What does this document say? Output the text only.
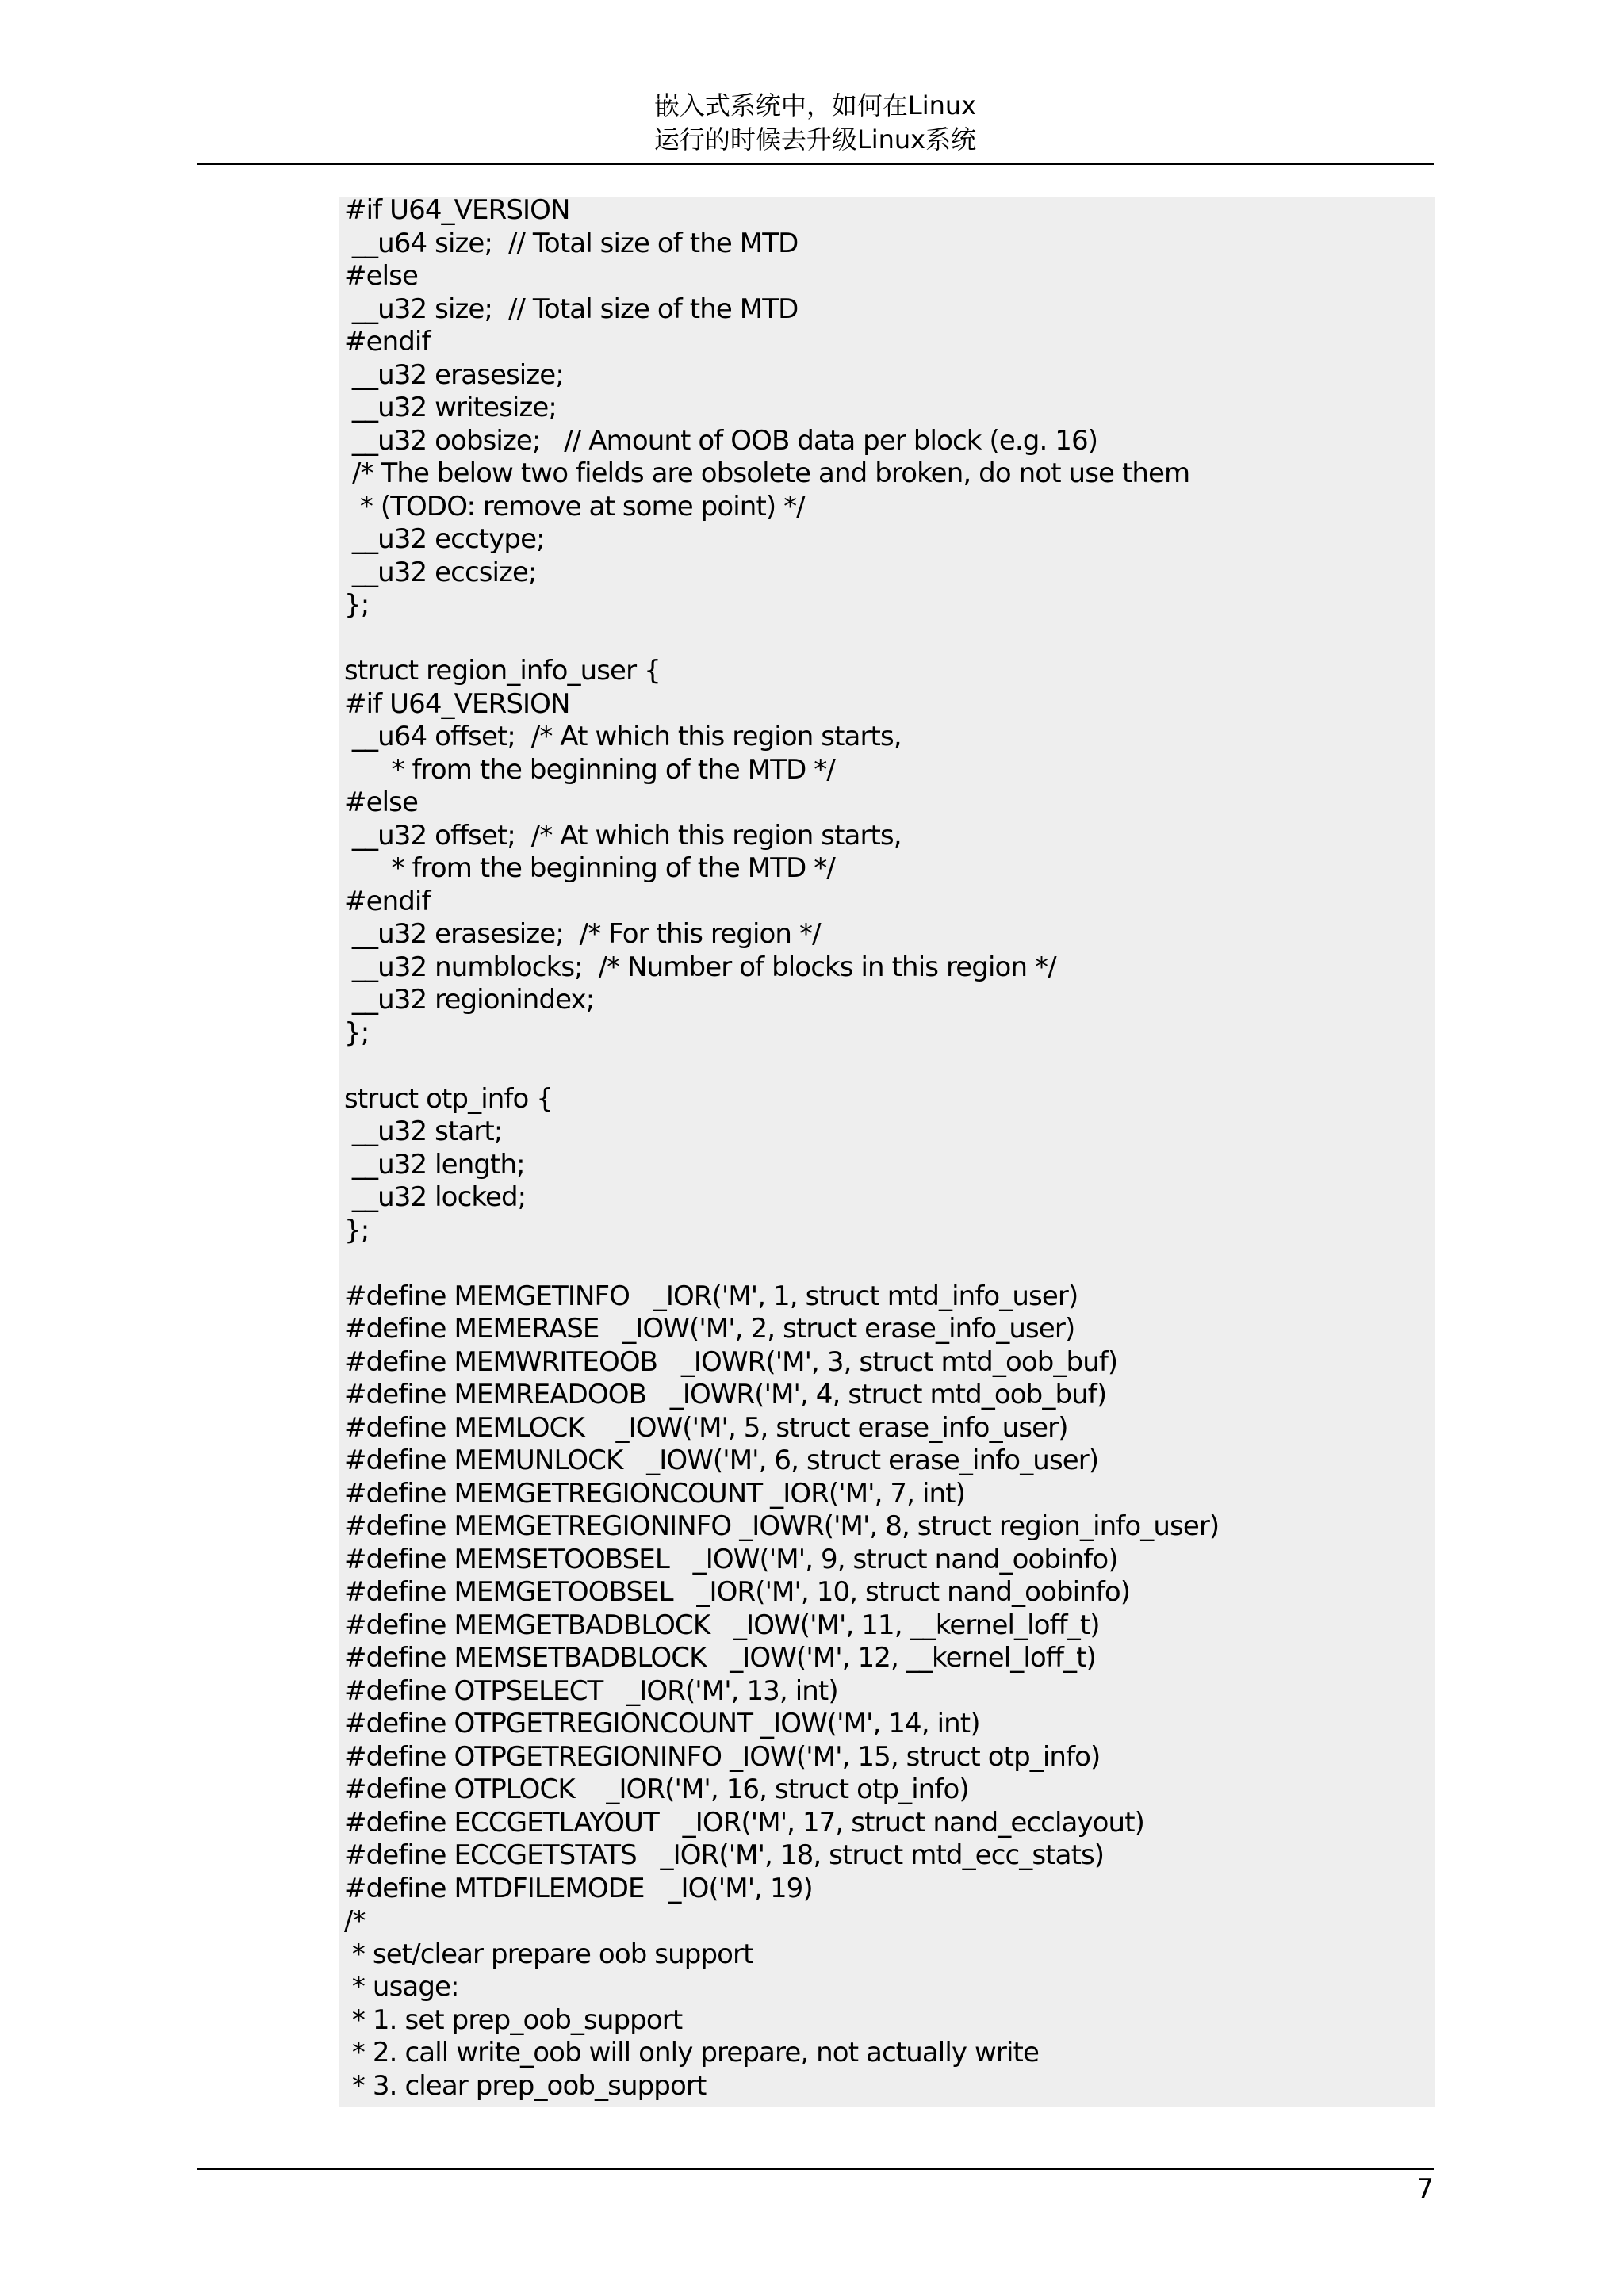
嵌入式系统中，如何在Linux
运行的时候去升级Linux系统
#if U64_VERSION
__u64 size;  // Total size of the MTD
#else
__u32 size;  // Total size of the MTD
#endif
__u32 erasesize;
__u32 writesize;
__u32 oobsize;   // Amount of OOB data per block (e.g. 16)
/* The below two fields are obsolete and broken, do not use them
* (TODO: remove at some point) */
__u32 ecctype;
__u32 eccsize;
};
struct region_info_user {
#if U64_VERSION
__u64 offset;  /* At which this region starts,
* from the beginning of the MTD */
#else
__u32 offset;  /* At which this region starts,
* from the beginning of the MTD */
#endif
__u32 erasesize;  /* For this region */
__u32 numblocks;  /* Number of blocks in this region */
__u32 regionindex;
};
struct otp_info {
__u32 start;
__u32 length;
__u32 locked;
};
#define MEMGETINFO   _IOR('M', 1, struct mtd_info_user)
#define MEMERASE   _IOW('M', 2, struct erase_info_user)
#define MEMWRITEOOB   _IOWR('M', 3, struct mtd_oob_buf)
#define MEMREADOOB   _IOWR('M', 4, struct mtd_oob_buf)
#define MEMLOCK    _IOW('M', 5, struct erase_info_user)
#define MEMUNLOCK   _IOW('M', 6, struct erase_info_user)
#define MEMGETREGIONCOUNT _IOR('M', 7, int)
#define MEMGETREGIONINFO _IOWR('M', 8, struct region_info_user)
#define MEMSETOOBSEL   _IOW('M', 9, struct nand_oobinfo)
#define MEMGETOOBSEL   _IOR('M', 10, struct nand_oobinfo)
#define MEMGETBADBLOCK   _IOW('M', 11, __kernel_loff_t)
#define MEMSETBADBLOCK   _IOW('M', 12, __kernel_loff_t)
#define OTPSELECT   _IOR('M', 13, int)
#define OTPGETREGIONCOUNT _IOW('M', 14, int)
#define OTPGETREGIONINFO _IOW('M', 15, struct otp_info)
#define OTPLOCK    _IOR('M', 16, struct otp_info)
#define ECCGETLAYOUT   _IOR('M', 17, struct nand_ecclayout)
#define ECCGETSTATS   _IOR('M', 18, struct mtd_ecc_stats)
#define MTDFILEMODE   _IO('M', 19)
/*
* set/clear prepare oob support
* usage:
* 1. set prep_oob_support
* 2. call write_oob will only prepare, not actually write
* 3. clear prep_oob_support
7
